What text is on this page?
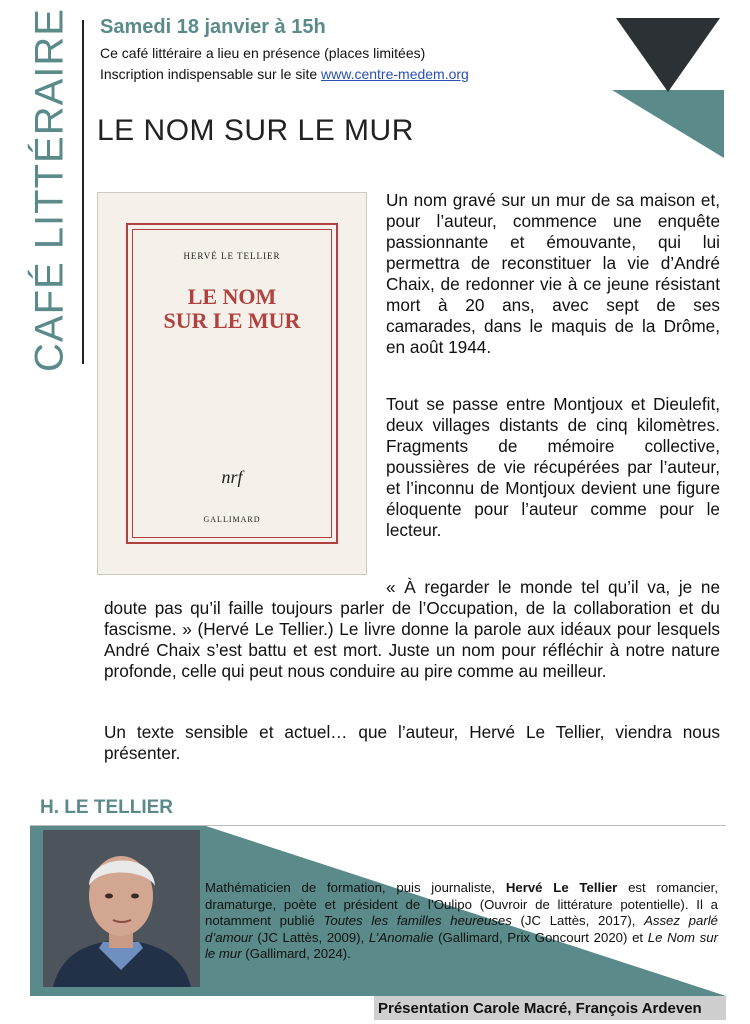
CAFÉ LITTÉRAIRE Samedi 18 janvier à 15h
Ce café littéraire a lieu en présence (places limitées)
Inscription indispensable sur le site www.centre-medem.org
LE NOM SUR LE MUR
HERVÉ LE TELLIER
LE NOM
SUR LE MUR
nrf
GALLIMARD
Un nom gravé sur un mur de sa maison et, pour l’auteur, commence une enquête passionnante et émouvante, qui lui permettra de reconstituer la vie d’André Chaix, de redonner vie à ce jeune résistant mort à 20 ans, avec sept de ses camarades, dans le maquis de la Drôme, en août 1944.
Tout se passe entre Montjoux et Dieulefit, deux villages distants de cinq kilomètres. Fragments de mémoire collective, poussières de vie récupérées par l’auteur, et l’inconnu de Montjoux devient une figure éloquente pour l’auteur comme pour le lecteur.
« À regarder le monde tel qu’il va, je ne doute pas qu’il faille toujours parler de l’Occupation, de la collaboration et du fascisme. » (Hervé Le Tellier.) Le livre donne la parole aux idéaux pour lesquels André Chaix s’est battu et est mort. Juste un nom pour réfléchir à notre nature profonde, celle qui peut nous conduire au pire comme au meilleur.
Un texte sensible et actuel… que l’auteur, Hervé Le Tellier, viendra nous présenter.
H. LE TELLIER
Mathématicien de formation, puis journaliste, Hervé Le Tellier est romancier, dramaturge, poète et président de l’Oulipo (Ouvroir de littérature potentielle). Il a notamment publié Toutes les familles heureuses (JC Lattès, 2017), Assez parlé d’amour (JC Lattès, 2009), L’Anomalie (Gallimard, Prix Goncourt 2020) et Le Nom sur le mur (Gallimard, 2024).
Présentation Carole Macré, François Ardeven
